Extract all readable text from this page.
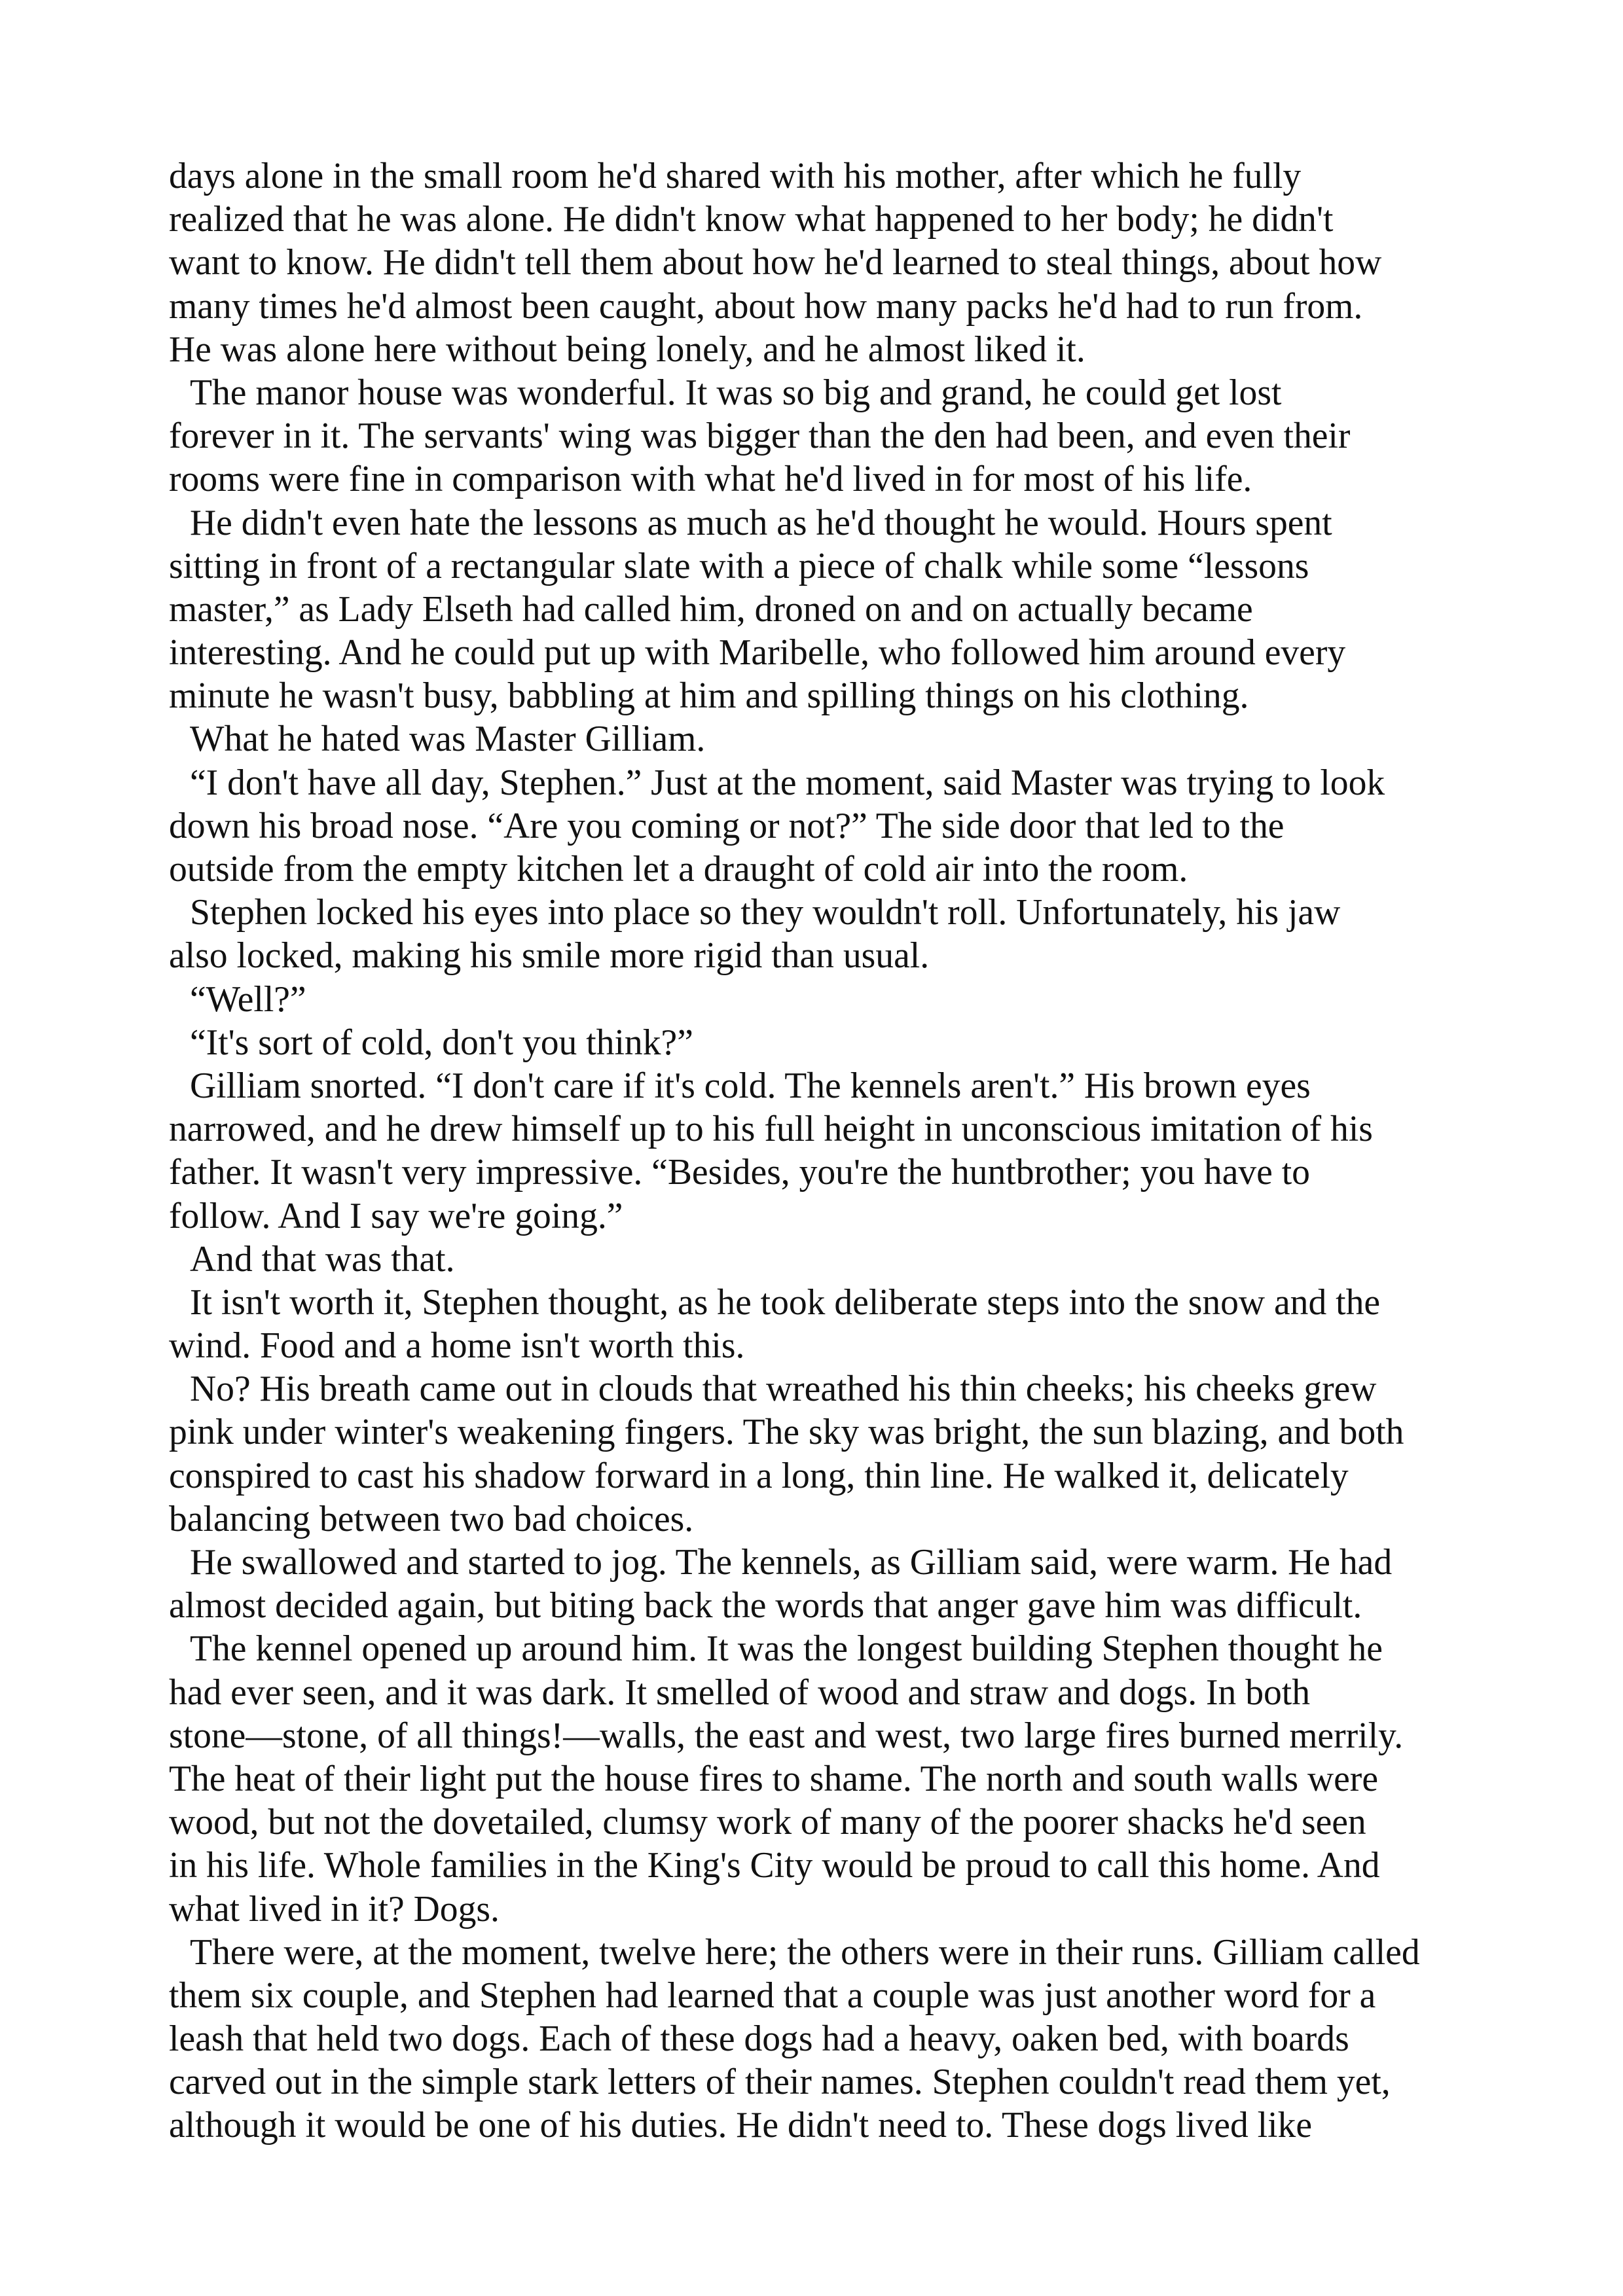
days alone in the small room he'd shared with his mother, after which he fully
realized that he was alone. He didn't know what happened to her body; he didn't
want to know. He didn't tell them about how he'd learned to steal things, about how
many times he'd almost been caught, about how many packs he'd had to run from.
He was alone here without being lonely, and he almost liked it.
The manor house was wonderful. It was so big and grand, he could get lost
forever in it. The servants' wing was bigger than the den had been, and even their
rooms were fine in comparison with what he'd lived in for most of his life.
He didn't even hate the lessons as much as he'd thought he would. Hours spent
sitting in front of a rectangular slate with a piece of chalk while some “lessons
master,” as Lady Elseth had called him, droned on and on actually became
interesting. And he could put up with Maribelle, who followed him around every
minute he wasn't busy, babbling at him and spilling things on his clothing.
What he hated was Master Gilliam.
“I don't have all day, Stephen.” Just at the moment, said Master was trying to look
down his broad nose. “Are you coming or not?” The side door that led to the
outside from the empty kitchen let a draught of cold air into the room.
Stephen locked his eyes into place so they wouldn't roll. Unfortunately, his jaw
also locked, making his smile more rigid than usual.
“Well?”
“It's sort of cold, don't you think?”
Gilliam snorted. “I don't care if it's cold. The kennels aren't.” His brown eyes
narrowed, and he drew himself up to his full height in unconscious imitation of his
father. It wasn't very impressive. “Besides, you're the huntbrother; you have to
follow. And I say we're going.”
And that was that.
It isn't worth it, Stephen thought, as he took deliberate steps into the snow and the
wind. Food and a home isn't worth this.
No? His breath came out in clouds that wreathed his thin cheeks; his cheeks grew
pink under winter's weakening fingers. The sky was bright, the sun blazing, and both
conspired to cast his shadow forward in a long, thin line. He walked it, delicately
balancing between two bad choices.
He swallowed and started to jog. The kennels, as Gilliam said, were warm. He had
almost decided again, but biting back the words that anger gave him was difficult.
The kennel opened up around him. It was the longest building Stephen thought he
had ever seen, and it was dark. It smelled of wood and straw and dogs. In both
stone—stone, of all things!—walls, the east and west, two large fires burned merrily.
The heat of their light put the house fires to shame. The north and south walls were
wood, but not the dovetailed, clumsy work of many of the poorer shacks he'd seen
in his life. Whole families in the King's City would be proud to call this home. And
what lived in it? Dogs.
There were, at the moment, twelve here; the others were in their runs. Gilliam called
them six couple, and Stephen had learned that a couple was just another word for a
leash that held two dogs. Each of these dogs had a heavy, oaken bed, with boards
carved out in the simple stark letters of their names. Stephen couldn't read them yet,
although it would be one of his duties. He didn't need to. These dogs lived like
